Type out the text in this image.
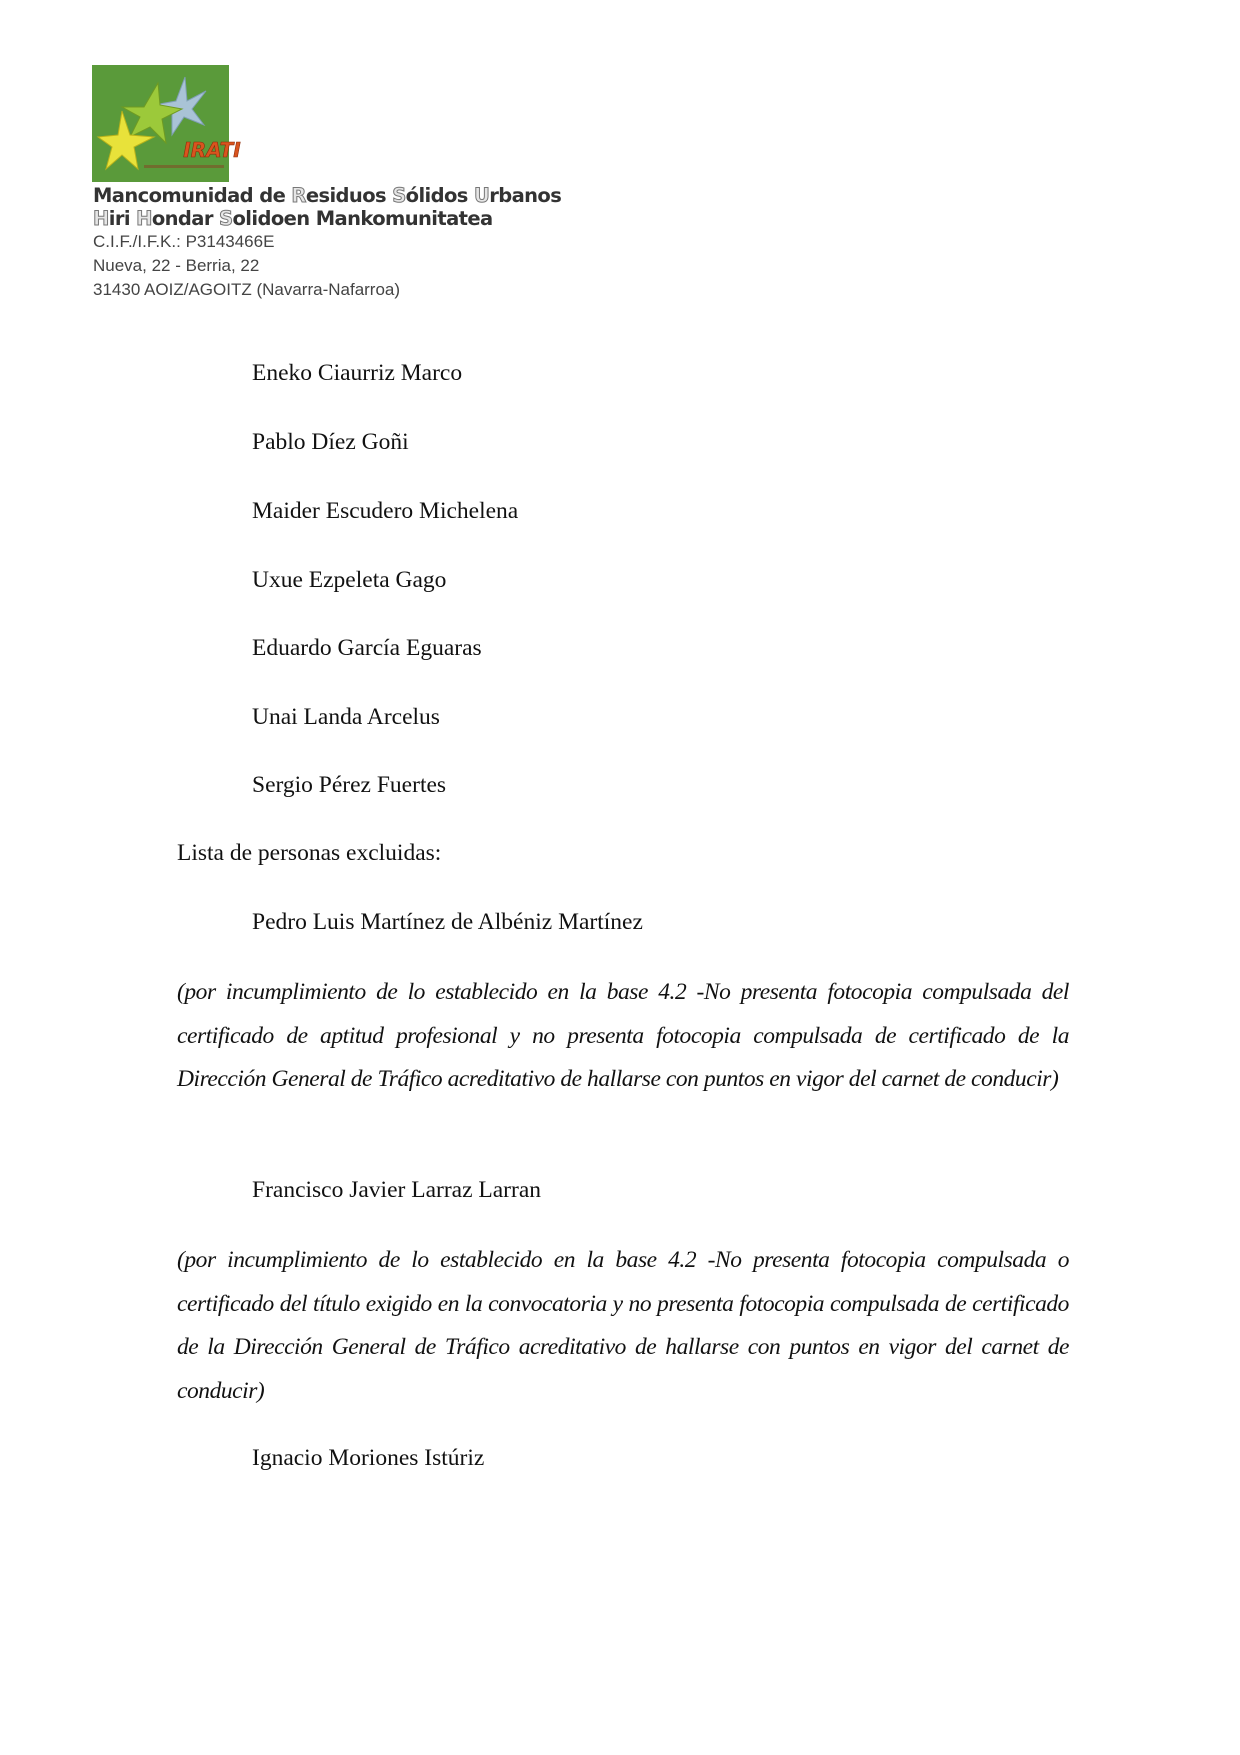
IRATI
Mancomunidad de Residuos Sólidos Urbanos
Hiri Hondar Solidoen Mankomunitatea
C.I.F./I.F.K.: P3143466E
Nueva, 22 - Berria, 22
31430 AOIZ/AGOITZ (Navarra-Nafarroa)
Eneko Ciaurriz Marco
Pablo Díez Goñi
Maider Escudero Michelena
Uxue Ezpeleta Gago
Eduardo García Eguaras
Unai Landa Arcelus
Sergio Pérez Fuertes
Lista de personas excluidas:
Pedro Luis Martínez de Albéniz Martínez
(por incumplimiento de lo establecido en la base 4.2 -No presenta fotocopia compulsada del certificado de aptitud profesional y no presenta fotocopia compulsada de certificado de la Dirección General de Tráfico acreditativo de hallarse con puntos en vigor del carnet de conducir)
Francisco Javier Larraz Larran
(por incumplimiento de lo establecido en la base 4.2 -No presenta fotocopia compulsada o certificado del título exigido en la convocatoria y no presenta fotocopia compulsada de certificado de la Dirección General de Tráfico acreditativo de hallarse con puntos en vigor del carnet de conducir)
Ignacio Moriones Istúriz
